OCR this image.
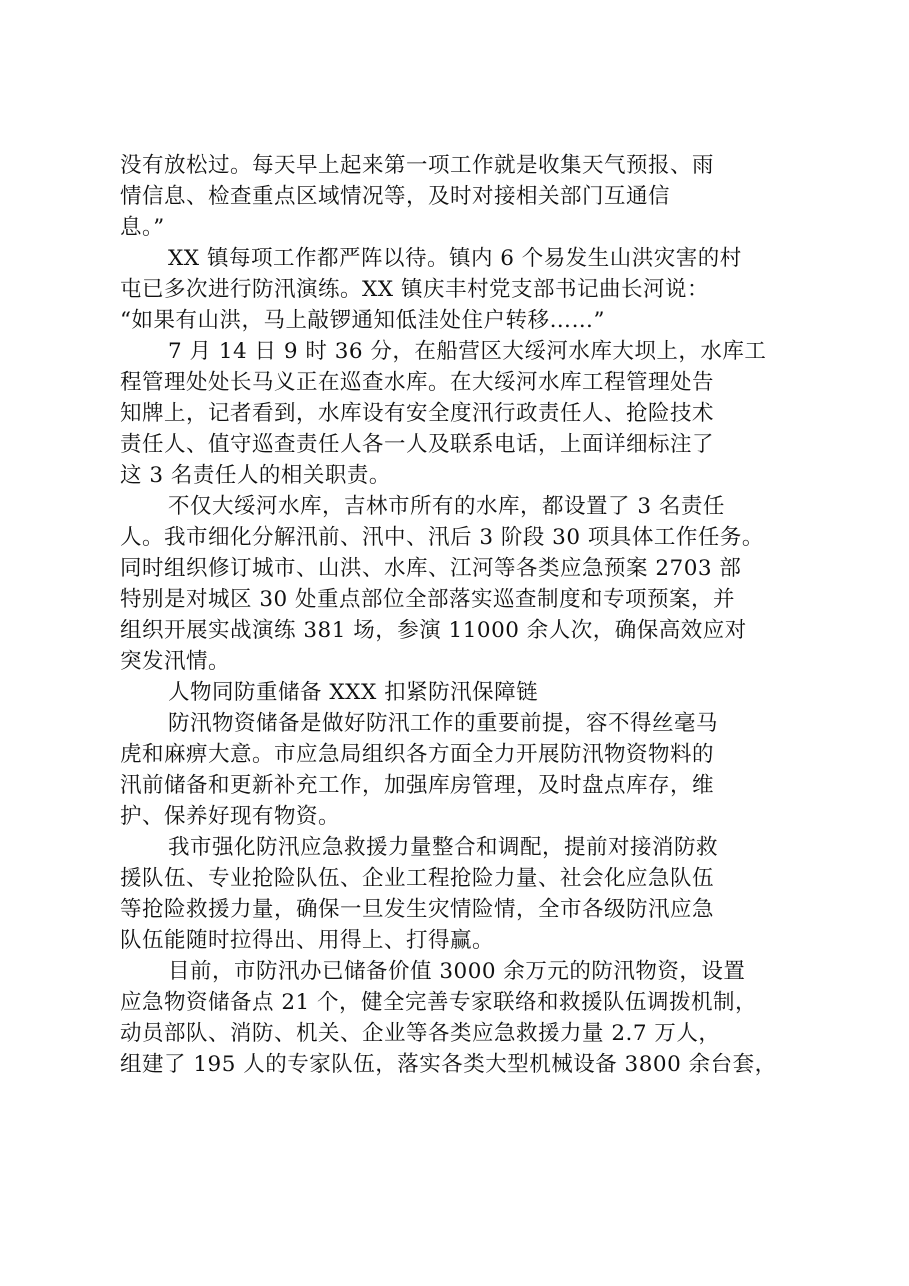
没有放松过。每天早上起来第一项工作就是收集天气预报、雨
情信息、检查重点区域情况等，及时对接相关部门互通信
息。”
XX 镇每项工作都严阵以待。镇内 6 个易发生山洪灾害的村
屯已多次进行防汛演练。XX 镇庆丰村党支部书记曲长河说：
“如果有山洪，马上敲锣通知低洼处住户转移……”
7 月 14 日 9 时 36 分，在船营区大绥河水库大坝上，水库工
程管理处处长马义正在巡查水库。在大绥河水库工程管理处告
知牌上，记者看到，水库设有安全度汛行政责任人、抢险技术
责任人、值守巡查责任人各一人及联系电话，上面详细标注了
这 3 名责任人的相关职责。
不仅大绥河水库，吉林市所有的水库，都设置了 3 名责任
人。我市细化分解汛前、汛中、汛后 3 阶段 30 项具体工作任务。
同时组织修订城市、山洪、水库、江河等各类应急预案 2703 部
特别是对城区 30 处重点部位全部落实巡查制度和专项预案，并
组织开展实战演练 381 场，参演 11000 余人次，确保高效应对
突发汛情。
人物同防重储备 XXX 扣紧防汛保障链
防汛物资储备是做好防汛工作的重要前提，容不得丝毫马
虎和麻痹大意。市应急局组织各方面全力开展防汛物资物料的
汛前储备和更新补充工作，加强库房管理，及时盘点库存，维
护、保养好现有物资。
我市强化防汛应急救援力量整合和调配，提前对接消防救
援队伍、专业抢险队伍、企业工程抢险力量、社会化应急队伍
等抢险救援力量，确保一旦发生灾情险情，全市各级防汛应急
队伍能随时拉得出、用得上、打得赢。
目前，市防汛办已储备价值 3000 余万元的防汛物资，设置
应急物资储备点 21 个，健全完善专家联络和救援队伍调拨机制，
动员部队、消防、机关、企业等各类应急救援力量 2.7 万人，
组建了 195 人的专家队伍，落实各类大型机械设备 3800 余台套，
